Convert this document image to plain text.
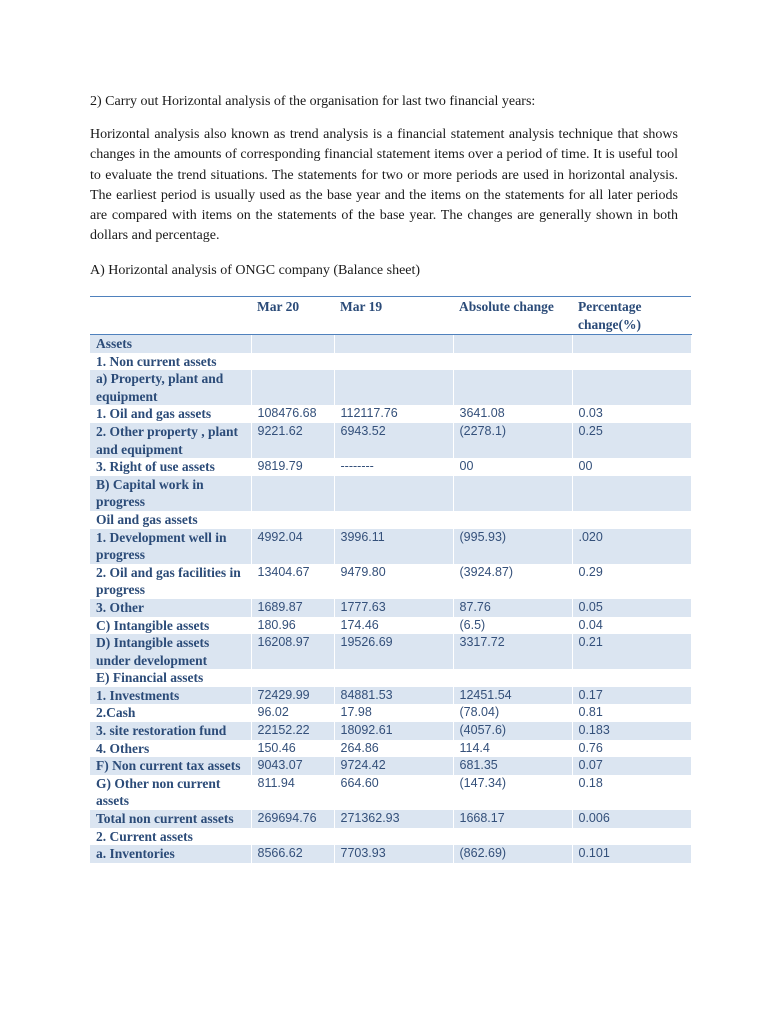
2) Carry out Horizontal analysis of the organisation for last two financial years:
Horizontal analysis also known as trend analysis is a financial statement analysis technique that shows changes in the amounts of corresponding financial statement items over a period of time. It is useful tool to evaluate the trend situations. The statements for two or more periods are used in horizontal analysis. The earliest period is usually used as the base year and the items on the statements for all later periods are compared with items on the statements of the base year. The changes are generally shown in both dollars and percentage.
A) Horizontal analysis of ONGC company (Balance sheet)
	Mar 20	Mar 19	Absolute change	Percentage change(%)
Assets				
1. Non current assets				
a) Property, plant and equipment				
1. Oil and gas assets	108476.68	112117.76	3641.08	0.03
2. Other property , plant and equipment	9221.62	6943.52	(2278.1)	0.25
3. Right of use assets	9819.79	--------	00	00
B) Capital work in progress				
Oil and gas assets				
1. Development well in progress	4992.04	3996.11	(995.93)	.020
2. Oil and gas facilities in progress	13404.67	9479.80	(3924.87)	0.29
3. Other	1689.87	1777.63	87.76	0.05
C) Intangible assets	180.96	174.46	(6.5)	0.04
D) Intangible assets under development	16208.97	19526.69	3317.72	0.21
E) Financial assets				
1. Investments	72429.99	84881.53	12451.54	0.17
2.Cash	96.02	17.98	(78.04)	0.81
3. site restoration fund	22152.22	18092.61	(4057.6)	0.183
4. Others	150.46	264.86	114.4	0.76
F) Non current tax assets	9043.07	9724.42	681.35	0.07
G) Other non current assets	811.94	664.60	(147.34)	0.18
Total non current assets	269694.76	271362.93	1668.17	0.006
2. Current assets				
a. Inventories	8566.62	7703.93	(862.69)	0.101
